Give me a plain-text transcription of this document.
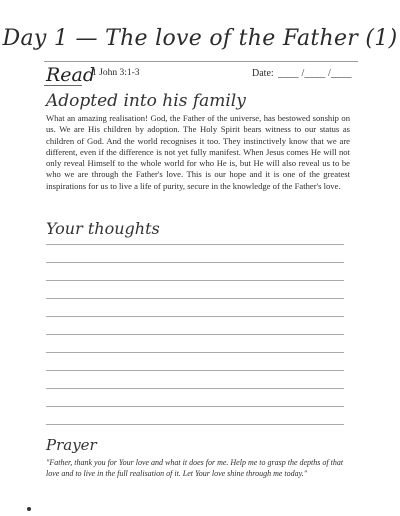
Day 1 — The love of the Father (1)
Read
1 John 3:1-3	Date: ____ /____ /____
Adopted into his family
What an amazing realisation! God, the Father of the universe, has bestowed sonship on us. We are His children by adoption. The Holy Spirit bears witness to our status as children of God. And the world recognises it too. They instinctively know that we are different, even if the difference is not yet fully manifest. When Jesus comes He will not only reveal Himself to the whole world for who He is, but He will also reveal us to be who we are through the Father's love. This is our hope and it is one of the greatest inspirations for us to live a life of purity, secure in the knowledge of the Father's love.
Your thoughts
Prayer
"Father, thank you for Your love and what it does for me. Help me to grasp the depths of that love and to live in the full realisation of it. Let Your love shine through me today."
